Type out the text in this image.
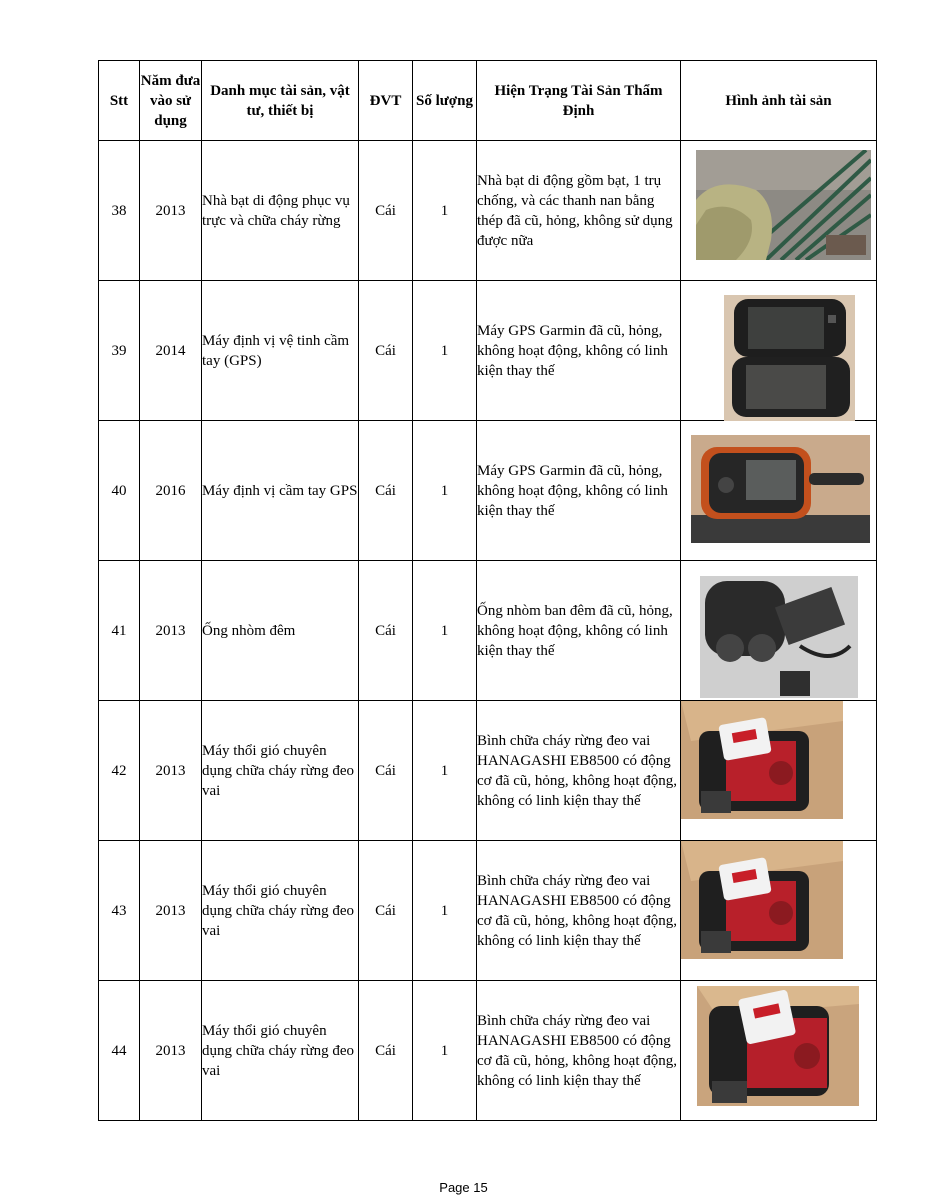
Stt	Năm đưa vào sử dụng	Danh mục tài sản, vật tư, thiết bị	ĐVT	Số lượng	Hiện Trạng Tài Sản Thẩm Định	Hình ảnh tài sản
38	2013	Nhà bạt di động phục vụ trực và chữa cháy rừng	Cái	1	Nhà bạt di động gồm bạt, 1 trụ chống, và các thanh nan bằng thép đã cũ, hỏng, không sử dụng được nữa	

39	2014	Máy định vị vệ tinh cầm tay (GPS)	Cái	1	Máy GPS Garmin đã cũ, hỏng, không hoạt động, không có linh kiện thay thế	

40	2016	Máy định vị cầm tay GPS	Cái	1	Máy GPS Garmin đã cũ, hỏng, không hoạt động, không có linh kiện thay thế	

41	2013	Ống nhòm đêm	Cái	1	Ống nhòm ban đêm đã cũ, hỏng, không hoạt động, không có linh kiện thay thế	

42	2013	Máy thổi gió chuyên dụng chữa cháy rừng đeo vai	Cái	1	Bình chữa cháy rừng đeo vai HANAGASHI EB8500 có động cơ đã cũ, hỏng, không hoạt động, không có linh kiện thay thế	

43	2013	Máy thổi gió chuyên dụng chữa cháy rừng đeo vai	Cái	1	Bình chữa cháy rừng đeo vai HANAGASHI EB8500 có động cơ đã cũ, hỏng, không hoạt động, không có linh kiện thay thế	

44	2013	Máy thổi gió chuyên dụng chữa cháy rừng đeo vai	Cái	1	Bình chữa cháy rừng đeo vai HANAGASHI EB8500 có động cơ đã cũ, hỏng, không hoạt động, không có linh kiện thay thế	
Page 15
